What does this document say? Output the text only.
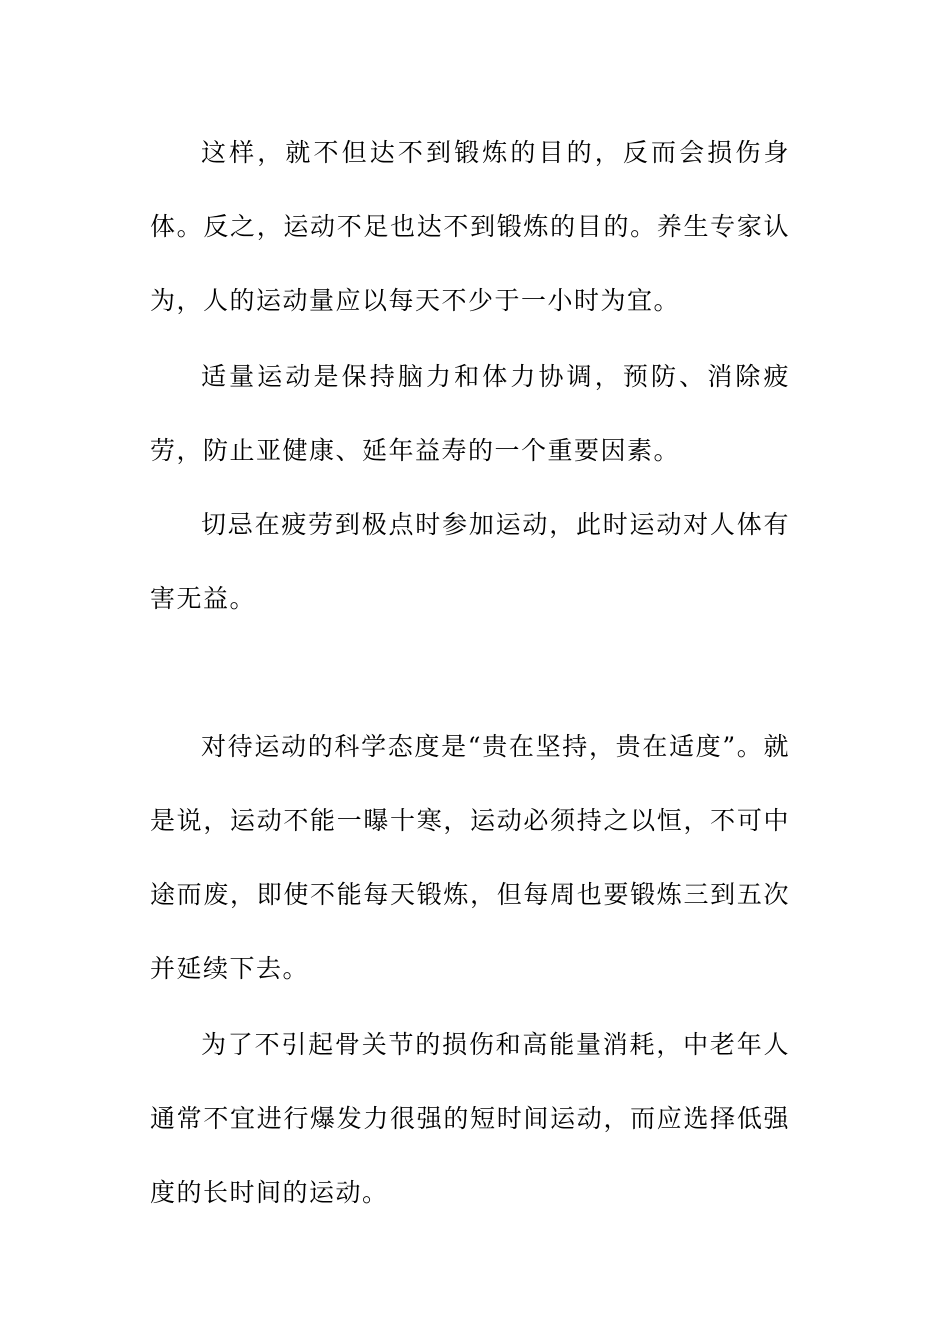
这样，就不但达不到锻炼的目的，反而会损伤身体。反之，运动不足也达不到锻炼的目的。养生专家认为，人的运动量应以每天不少于一小时为宜。

适量运动是保持脑力和体力协调，预防、消除疲劳，防止亚健康、延年益寿的一个重要因素。

切忌在疲劳到极点时参加运动，此时运动对人体有害无益。

对待运动的科学态度是“贵在坚持，贵在适度”。就是说，运动不能一曝十寒，运动必须持之以恒，不可中途而废，即使不能每天锻炼，但每周也要锻炼三到五次并延续下去。

为了不引起骨关节的损伤和高能量消耗，中老年人通常不宜进行爆发力很强的短时间运动，而应选择低强度的长时间的运动。
